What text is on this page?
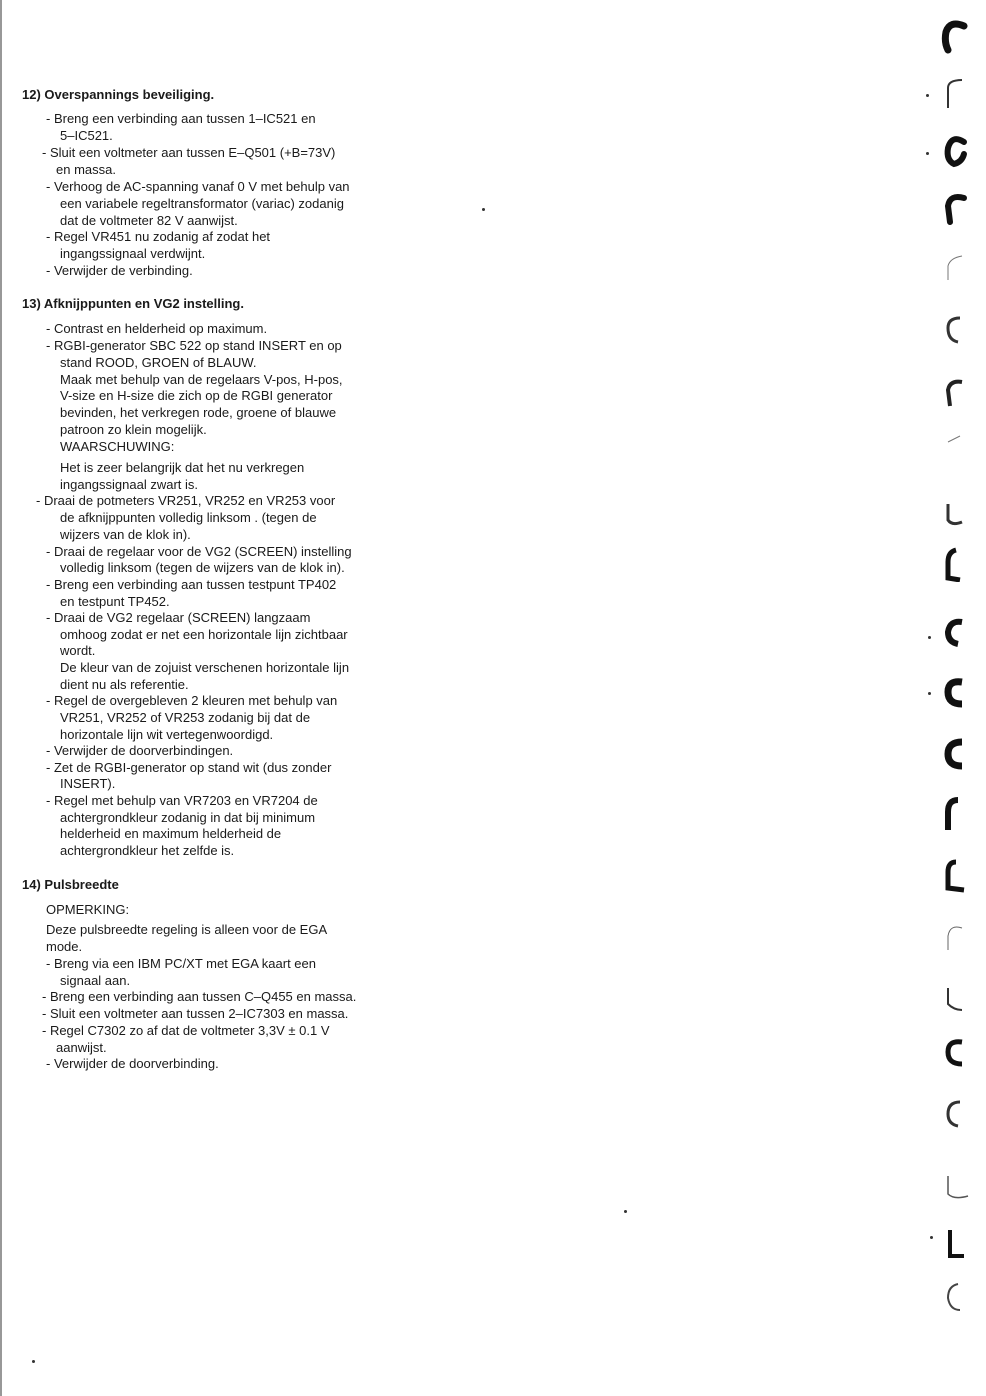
12) Overspannings beveiliging.
- Breng een verbinding aan tussen 1–IC521 en
5–IC521.
- Sluit een voltmeter aan tussen E–Q501 (+B=73V)
en massa.
- Verhoog de AC-spanning vanaf 0 V met behulp van
een variabele regeltransformator (variac) zodanig
dat de voltmeter 82 V aanwijst.
- Regel VR451 nu zodanig af zodat het
ingangssignaal verdwijnt.
- Verwijder de verbinding.
13) Afknijppunten en VG2 instelling.
- Contrast en helderheid op maximum.
- RGBI-generator SBC 522 op stand INSERT en op
stand ROOD, GROEN of BLAUW.
Maak met behulp van de regelaars V-pos, H-pos,
V-size en H-size die zich op de RGBI generator
bevinden, het verkregen rode, groene of blauwe
patroon zo klein mogelijk.
WAARSCHUWING:
Het is zeer belangrijk dat het nu verkregen
ingangssignaal zwart is.
- Draai de potmeters VR251, VR252 en VR253 voor
de afknijppunten volledig linksom . (tegen de
wijzers van de klok in).
- Draai de regelaar voor de VG2 (SCREEN) instelling
volledig linksom (tegen de wijzers van de klok in).
- Breng een verbinding aan tussen testpunt TP402
en testpunt TP452.
- Draai de VG2 regelaar (SCREEN) langzaam
omhoog zodat er net een horizontale lijn zichtbaar
wordt.
De kleur van de zojuist verschenen horizontale lijn
dient nu als referentie.
- Regel de overgebleven 2 kleuren met behulp van
VR251, VR252 of VR253 zodanig bij dat de
horizontale lijn wit vertegenwoordigd.
- Verwijder de doorverbindingen.
- Zet de RGBI-generator op stand wit (dus zonder
INSERT).
- Regel met behulp van VR7203 en VR7204 de
achtergrondkleur zodanig in dat bij minimum
helderheid en maximum helderheid de
achtergrondkleur het zelfde is.
14) Pulsbreedte
OPMERKING:
Deze pulsbreedte regeling is alleen voor de EGA
mode.
- Breng via een IBM PC/XT met EGA kaart een
signaal aan.
- Breng een verbinding aan tussen C–Q455 en massa.
- Sluit een voltmeter aan tussen 2–IC7303 en massa.
- Regel C7302 zo af dat de voltmeter 3,3V ± 0.1 V
aanwijst.
- Verwijder de doorverbinding.
